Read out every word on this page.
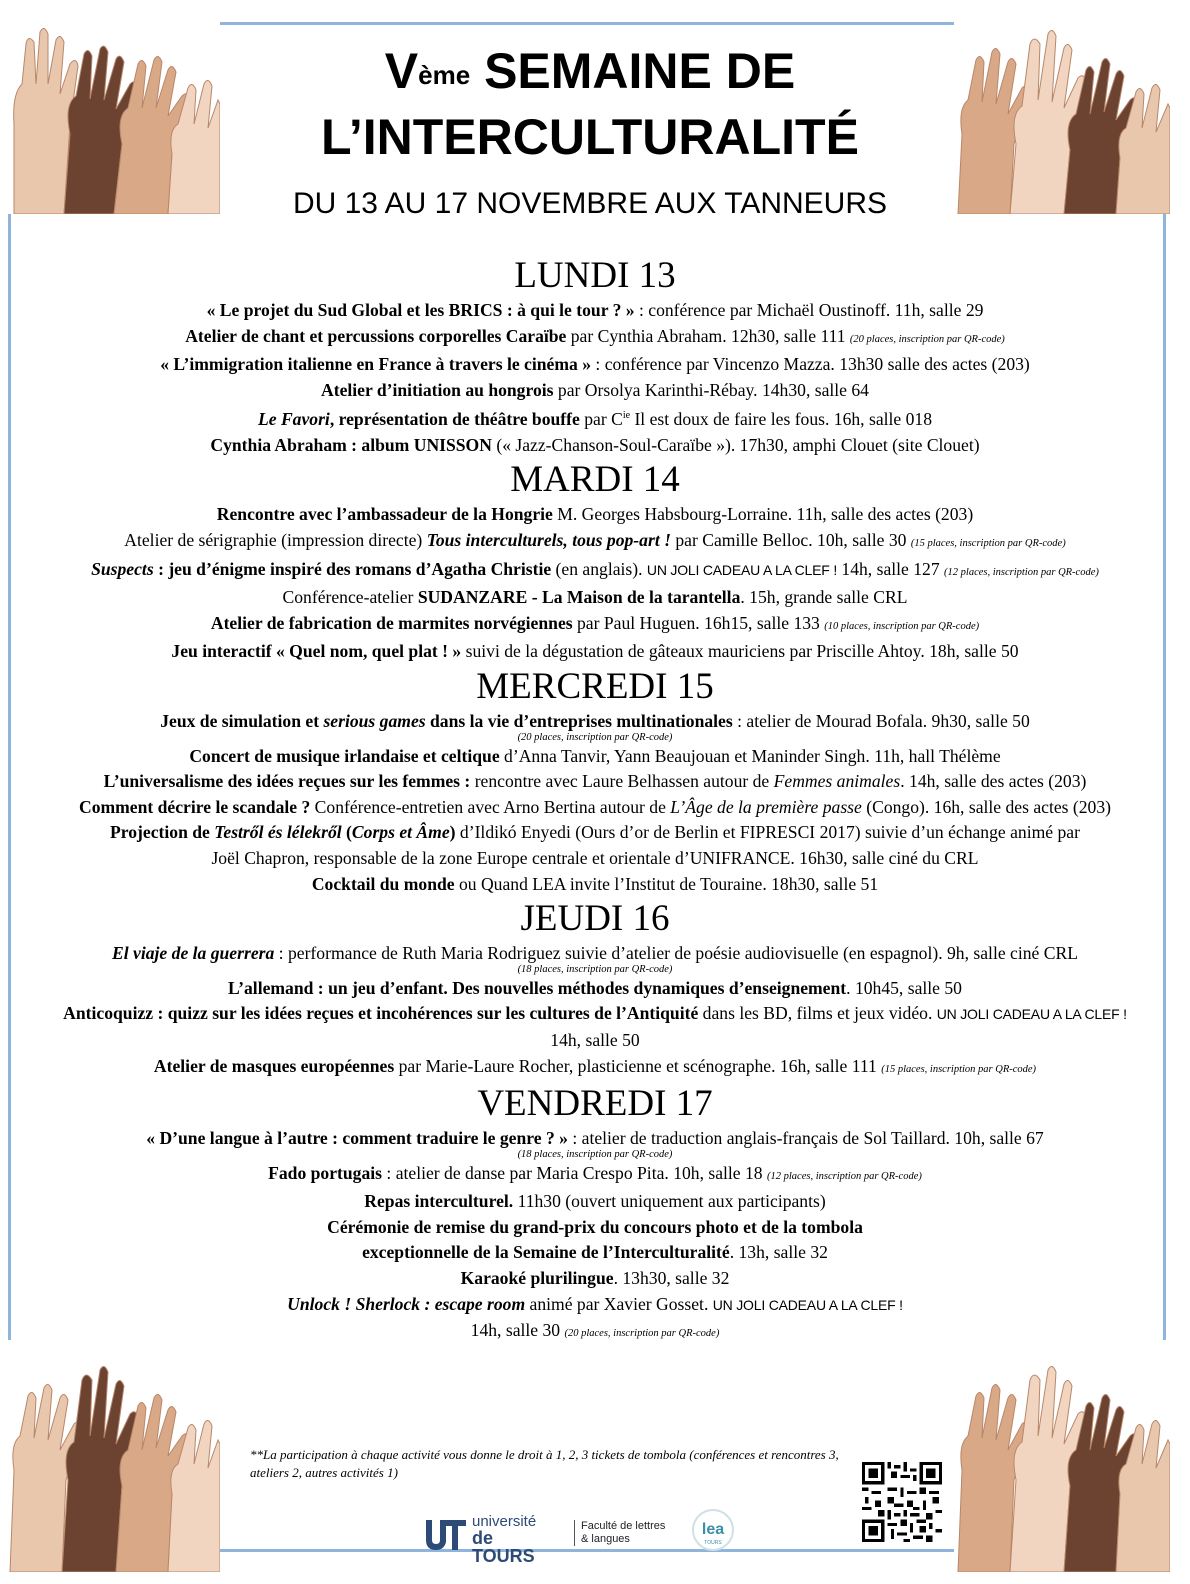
Vème SEMAINE DE
L’INTERCULTURALITÉ
DU 13 AU 17 NOVEMBRE AUX TANNEURS
LUNDI 13

« Le projet du Sud Global et les BRICS : à qui le tour ? » : conférence par Michaël Oustinoff. 11h, salle 29

Atelier de chant et percussions corporelles Caraïbe par Cynthia Abraham. 12h30, salle 111 (20 places, inscription par QR-code)

« L’immigration italienne en France à travers le cinéma » : conférence par Vincenzo Mazza. 13h30 salle des actes (203)

Atelier d’initiation au hongrois par Orsolya Karinthi-Rébay. 14h30, salle 64

Le Favori, représentation de théâtre bouffe par $C^{ie}$ Il est doux de faire les fous. 16h, salle 018

Cynthia Abraham : album UNISSON (« Jazz-Chanson-Soul-Caraïbe »). 17h30, amphi Clouet (site Clouet)

MARDI 14

Rencontre avec l’ambassadeur de la Hongrie M. Georges Habsbourg-Lorraine. 11h, salle des actes (203)

Atelier de sérigraphie (impression directe) Tous interculturels, tous pop-art ! par Camille Belloc. 10h, salle 30 (15 places, inscription par QR-code)

Suspects : jeu d’énigme inspiré des romans d’Agatha Christie (en anglais). UN JOLI CADEAU A LA CLEF ! 14h, salle 127 (12 places, inscription par QR-code)

Conférence-atelier SUDANZARE - La Maison de la tarantella. 15h, grande salle CRL

Atelier de fabrication de marmites norvégiennes par Paul Huguen. 16h15, salle 133 (10 places, inscription par QR-code)

Jeu interactif « Quel nom, quel plat ! » suivi de la dégustation de gâteaux mauriciens par Priscille Ahtoy. 18h, salle 50

MERCREDI 15

Jeux de simulation et serious games dans la vie d’entreprises multinationales : atelier de Mourad Bofala. 9h30, salle 50

(20 places, inscription par QR-code)

Concert de musique irlandaise et celtique d’Anna Tanvir, Yann Beaujouan et Maninder Singh. 11h, hall Thélème

L’universalisme des idées reçues sur les femmes : rencontre avec Laure Belhassen autour de Femmes animales. 14h, salle des actes (203)

Comment décrire le scandale ? Conférence-entretien avec Arno Bertina autour de L’Âge de la première passe (Congo). 16h, salle des actes (203)

Projection de Testről és lélekről (Corps et Âme) d’Ildikó Enyedi (Ours d’or de Berlin et FIPRESCI 2017) suivie d’un échange animé par

Joël Chapron, responsable de la zone Europe centrale et orientale d’UNIFRANCE. 16h30, salle ciné du CRL

Cocktail du monde ou Quand LEA invite l’Institut de Touraine. 18h30, salle 51

JEUDI 16

El viaje de la guerrera : performance de Ruth Maria Rodriguez suivie d’atelier de poésie audiovisuelle (en espagnol). 9h, salle ciné CRL

(18 places, inscription par QR-code)

L’allemand : un jeu d’enfant. Des nouvelles méthodes dynamiques d’enseignement. 10h45, salle 50

Anticoquizz : quizz sur les idées reçues et incohérences sur les cultures de l’Antiquité dans les BD, films et jeux vidéo. UN JOLI CADEAU A LA CLEF !

14h, salle 50

Atelier de masques européennes par Marie-Laure Rocher, plasticienne et scénographe. 16h, salle 111 (15 places, inscription par QR-code)

VENDREDI 17

« D’une langue à l’autre : comment traduire le genre ? » : atelier de traduction anglais-français de Sol Taillard. 10h, salle 67

(18 places, inscription par QR-code)

Fado portugais : atelier de danse par Maria Crespo Pita. 10h, salle 18 (12 places, inscription par QR-code)

Repas interculturel. 11h30 (ouvert uniquement aux participants)

Cérémonie de remise du grand-prix du concours photo et de la tombola

exceptionnelle de la Semaine de l’Interculturalité. 13h, salle 32

Karaoké plurilingue. 13h30, salle 32

Unlock ! Sherlock : escape room animé par Xavier Gosset. UN JOLI CADEAU A LA CLEF !

14h, salle 30 (20 places, inscription par QR-code)

**La participation à chaque activité vous donne le droit à 1, 2, 3 tickets de tombola (conférences et rencontres 3, ateliers 2, autres activités 1)
université
de TOURS
Faculté de lettres
& langues
lea
TOURS
